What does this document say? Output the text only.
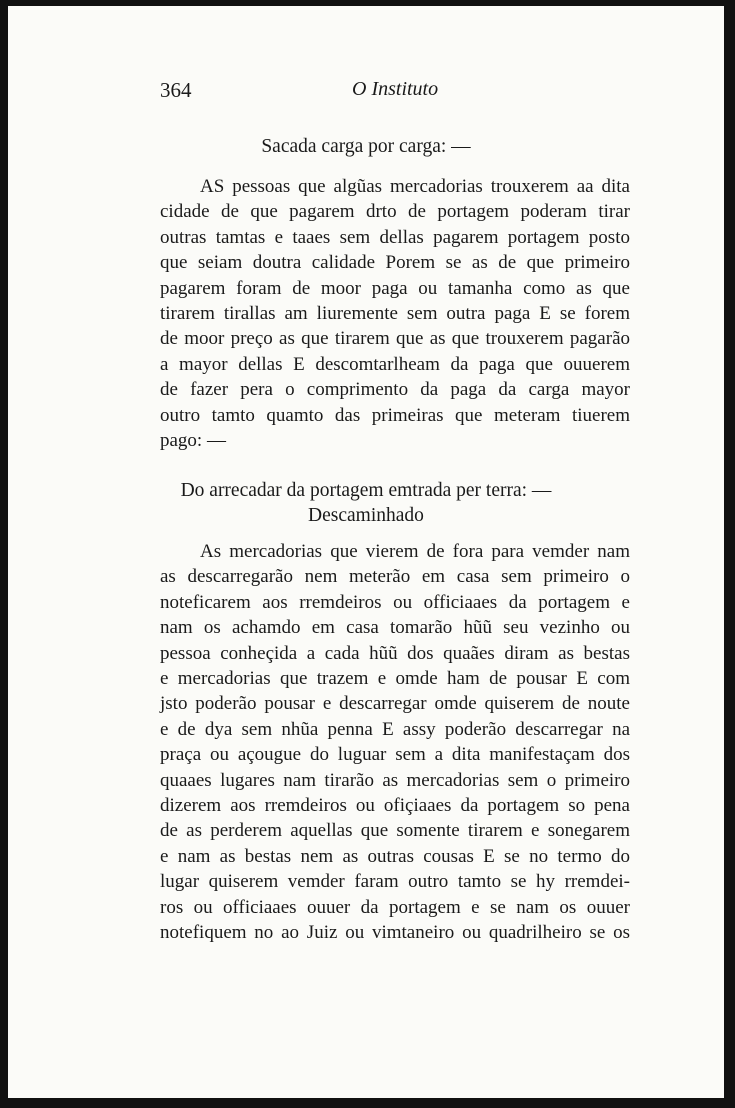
364	O Instituto
Sacada carga por carga: —
AS pessoas que algũas mercadorias trouxerem aa dita
cidade de que pagarem drto de portagem poderam tirar
outras tamtas e taaes sem dellas pagarem portagem posto
que seiam doutra calidade Porem se as de que primeiro
pagarem foram de moor paga ou tamanha como as que
tirarem tirallas am liuremente sem outra paga E se forem
de moor preço as que tirarem que as que trouxerem pagarão
a mayor dellas E descomtarlheam da paga que ouuerem
de fazer pera o comprimento da paga da carga mayor
outro tamto quamto das primeiras que meteram tiuerem
pago: —
Do arrecadar da portagem emtrada per terra: —
Descaminhado
As mercadorias que vierem de fora para vemder nam
as descarregarão nem meterão em casa sem primeiro o
noteficarem aos rremdeiros ou officiaaes da portagem e
nam os achamdo em casa tomarão hũũ seu vezinho ou
pessoa conheçida a cada hũũ dos quaães diram as bestas
e mercadorias que trazem e omde ham de pousar E com
jsto poderão pousar e descarregar omde quiserem de noute
e de dya sem nhũa penna E assy poderão descarregar na
praça ou açougue do luguar sem a dita manifestaçam dos
quaaes lugares nam tirarão as mercadorias sem o primeiro
dizerem aos rremdeiros ou ofiçiaaes da portagem so pena
de as perderem aquellas que somente tirarem e sonegarem
e nam as bestas nem as outras cousas E se no termo do
lugar quiserem vemder faram outro tamto se hy rremdei-
ros ou officiaaes ouuer da portagem e se nam os ouuer
notefiquem no ao Juiz ou vimtaneiro ou quadrilheiro se os
